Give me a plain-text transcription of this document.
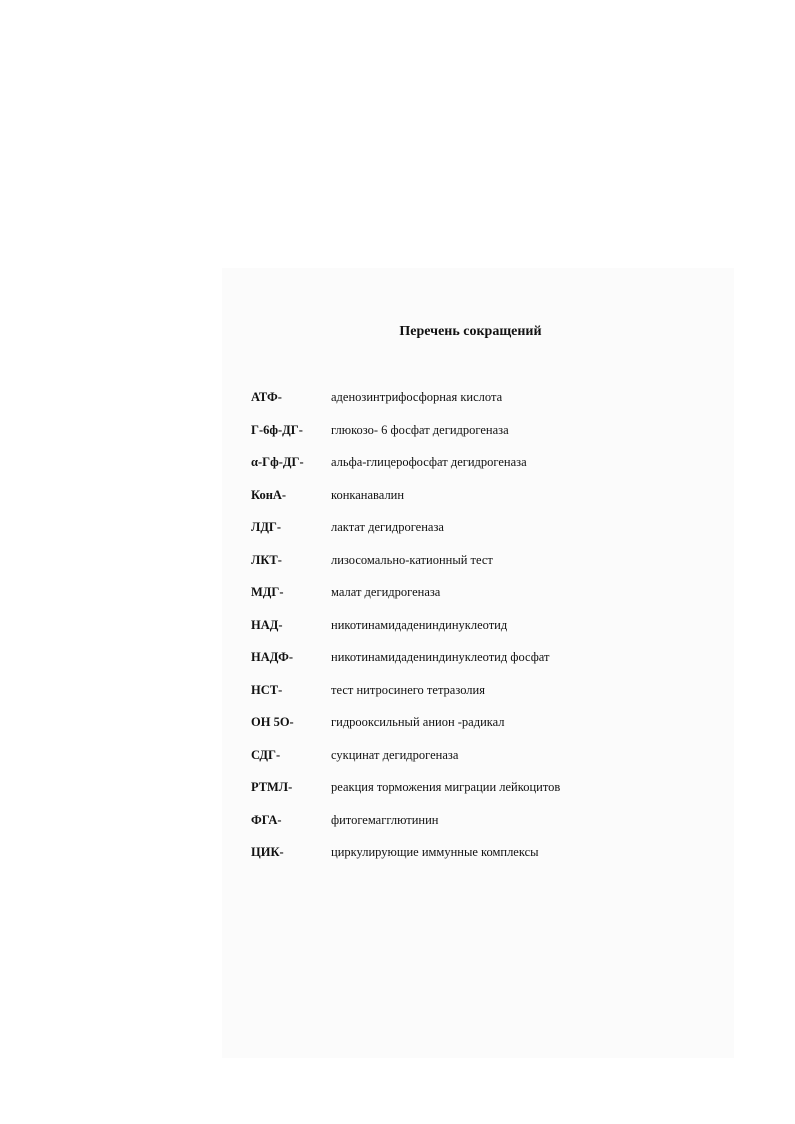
Перечень сокращений
АТФ-	аденозинтрифосфорная кислота
Г-6ф-ДГ-	глюкозо- 6 фосфат дегидрогеназа
α-Гф-ДГ-	альфа-глицерофосфат дегидрогеназа
КонА-	конканавалин
ЛДГ-	лактат дегидрогеназа
ЛКТ-	лизосомально-катионный тест
МДГ-	малат дегидрогеназа
НАД-	никотинамидадениндинуклеотид
НАДФ-	никотинамидадениндинуклеотид фосфат
НСТ-	тест нитросинего тетразолия
ОН 5О-	гидрооксильный анион -радикал
СДГ-	сукцинат дегидрогеназа
РТМЛ-	реакция торможения миграции лейкоцитов
ФГА-	фитогемагглютинин
ЦИК-	циркулирующие иммунные комплексы
